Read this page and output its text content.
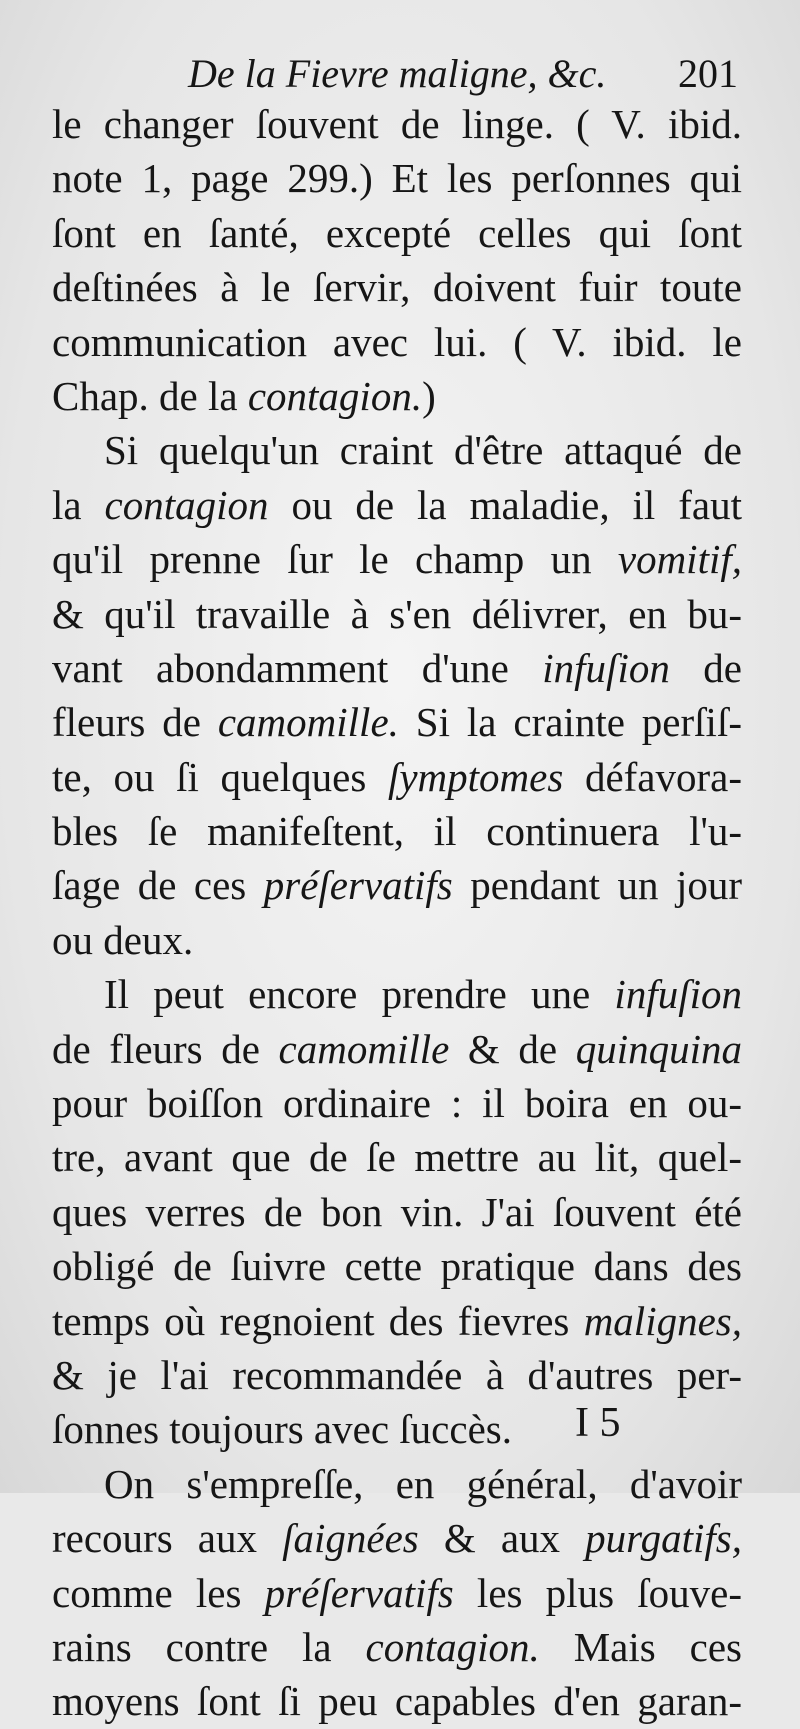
De la Fievre maligne, &c. 201
le changer ſouvent de linge. ( V. ibid.
note 1, page 299.) Et les perſonnes qui
ſont en ſanté, excepté celles qui ſont
deſtinées à le ſervir, doivent fuir toute
communication avec lui. ( V. ibid. le
Chap. de la contagion.)
Si quelqu'un craint d'être attaqué de
la contagion ou de la maladie, il faut
qu'il prenne ſur le champ un vomitif,
& qu'il travaille à s'en délivrer, en bu-
vant abondamment d'une infuſion de
fleurs de camomille. Si la crainte perſiſ-
te, ou ſi quelques ſymptomes défavora-
bles ſe manifeſtent, il continuera l'u-
ſage de ces préſervatifs pendant un jour
ou deux.
Il peut encore prendre une infuſion
de fleurs de camomille & de quinquina
pour boiſſon ordinaire : il boira en ou-
tre, avant que de ſe mettre au lit, quel-
ques verres de bon vin. J'ai ſouvent été
obligé de ſuivre cette pratique dans des
temps où regnoient des fievres malignes,
& je l'ai recommandée à d'autres per-
ſonnes toujours avec ſuccès.
On s'empreſſe, en général, d'avoir
recours aux ſaignées & aux purgatifs,
comme les préſervatifs les plus ſouve-
rains contre la contagion. Mais ces
moyens ſont ſi peu capables d'en garan-
I 5
